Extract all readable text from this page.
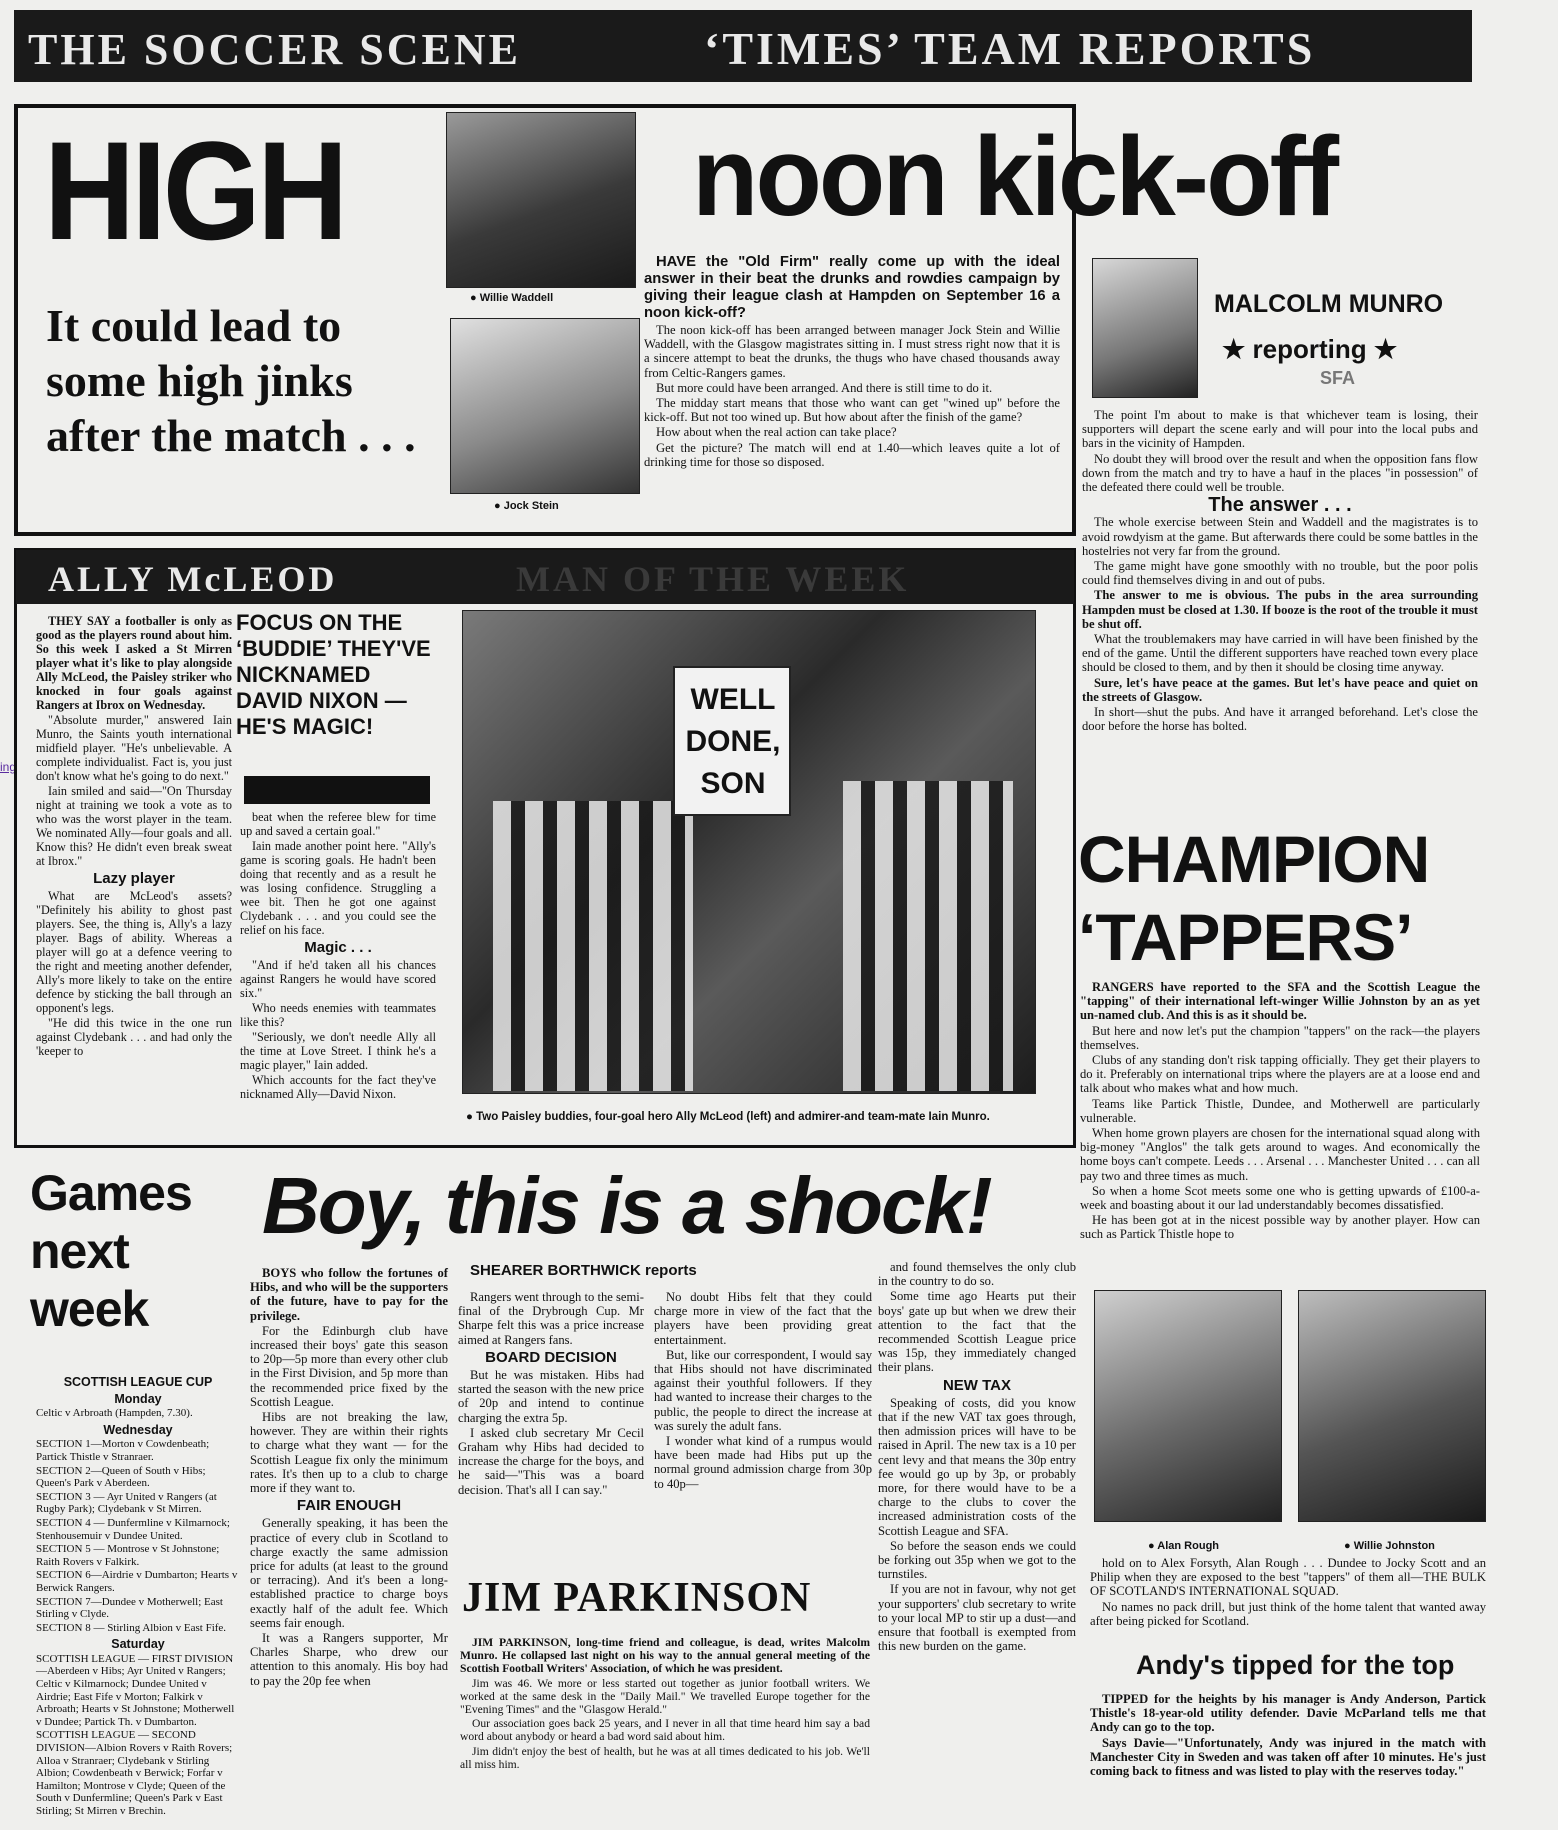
THE SOCCER SCENE	‘TIMES’ TEAM REPORTS
ing
HIGH
● Willie Waddell
● Jock Stein
It could lead to some high jinks after the match . . .
noon kick-off

HAVE the "Old Firm" really come up with the ideal answer in their beat the drunks and rowdies campaign by giving their league clash at Hampden on September 16 a noon kick-off?

The noon kick-off has been arranged between manager Jock Stein and Willie Waddell, with the Glasgow magistrates sitting in. I must stress right now that it is a sincere attempt to beat the drunks, the thugs who have chased thousands away from Celtic-Rangers games.

But more could have been arranged. And there is still time to do it.

The midday start means that those who want can get "wined up" before the kick-off. But not too wined up. But how about after the finish of the game?

How about when the real action can take place?

Get the picture? The match will end at 1.40—which leaves quite a lot of drinking time for those so disposed.

MALCOLM MUNRO
★ reporting ★
SFA

The point I'm about to make is that whichever team is losing, their supporters will depart the scene early and will pour into the local pubs and bars in the vicinity of Hampden.

No doubt they will brood over the result and when the opposition fans flow down from the match and try to have a hauf in the places "in possession" of the defeated there could well be trouble.

The answer . . .

The whole exercise between Stein and Waddell and the magistrates is to avoid rowdyism at the game. But afterwards there could be some battles in the hostelries not very far from the ground.

The game might have gone smoothly with no trouble, but the poor polis could find themselves diving in and out of pubs.

The answer to me is obvious. The pubs in the area surrounding Hampden must be closed at 1.30. If booze is the root of the trouble it must be shut off.

What the troublemakers may have carried in will have been finished by the end of the game. Until the different supporters have reached town every place should be closed to them, and by then it should be closing time anyway.

Sure, let's have peace at the games. But let's have peace and quiet on the streets of Glasgow.

In short—shut the pubs. And have it arranged beforehand. Let's close the door before the horse has bolted.

ALLY McLEOD	MAN OF THE WEEK

THEY SAY a footballer is only as good as the players round about him. So this week I asked a St Mirren player what it's like to play alongside Ally McLeod, the Paisley striker who knocked in four goals against Rangers at Ibrox on Wednesday.

"Absolute murder," answered Iain Munro, the Saints youth international midfield player. "He's unbelievable. A complete individualist. Fact is, you just don't know what he's going to do next."

Iain smiled and said—"On Thursday night at training we took a vote as to who was the worst player in the team. We nominated Ally—four goals and all. Know this? He didn't even break sweat at Ibrox."

Lazy player

What are McLeod's assets? "Definitely his ability to ghost past players. See, the thing is, Ally's a lazy player. Bags of ability. Whereas a player will go at a defence veering to the right and meeting another defender, Ally's more likely to take on the entire defence by sticking the ball through an opponent's legs.

"He did this twice in the one run against Clydebank . . . and had only the 'keeper to

FOCUS ON THE ‘BUDDIE’ THEY'VE NICKNAMED DAVID NIXON —HE'S MAGIC!

beat when the referee blew for time up and saved a certain goal."

Iain made another point here. "Ally's game is scoring goals. He hadn't been doing that recently and as a result he was losing confidence. Struggling a wee bit. Then he got one against Clydebank . . . and you could see the relief on his face.

Magic . . .

"And if he'd taken all his chances against Rangers he would have scored six."

Who needs enemies with teammates like this?

"Seriously, we don't needle Ally all the time at Love Street. I think he's a magic player," Iain added.

Which accounts for the fact they've nicknamed Ally—David Nixon.

WELL DONE, SON
● Two Paisley buddies, four-goal hero Ally McLeod (left) and admirer-and team-mate Iain Munro.
CHAMPION ‘TAPPERS’

RANGERS have reported to the SFA and the Scottish League the "tapping" of their international left-winger Willie Johnston by an as yet un-named club. And this is as it should be.

But here and now let's put the champion "tappers" on the rack—the players themselves.

Clubs of any standing don't risk tapping officially. They get their players to do it. Preferably on international trips where the players are at a loose end and talk about who makes what and how much.

Teams like Partick Thistle, Dundee, and Motherwell are particularly vulnerable.

When home grown players are chosen for the international squad along with big-money "Anglos" the talk gets around to wages. And economically the home boys can't compete. Leeds . . . Arsenal . . . Manchester United . . . can all pay two and three times as much.

So when a home Scot meets some one who is getting upwards of £100-a-week and boasting about it our lad understandably becomes dissatisfied.

He has been got at in the nicest possible way by another player. How can such as Partick Thistle hope to

● Alan Rough	● Willie Johnston

hold on to Alex Forsyth, Alan Rough . . . Dundee to Jocky Scott and an Philip when they are exposed to the best "tappers" of them all—THE BULK OF SCOTLAND'S INTERNATIONAL SQUAD.

No names no pack drill, but just think of the home talent that wanted away after being picked for Scotland.

Andy's tipped for the top

TIPPED for the heights by his manager is Andy Anderson, Partick Thistle's 18-year-old utility defender. Davie McParland tells me that Andy can go to the top.

Says Davie—"Unfortunately, Andy was injured in the match with Manchester City in Sweden and was taken off after 10 minutes. He's just coming back to fitness and was listed to play with the reserves today."

Games next week
SCOTTISH LEAGUE CUP
Monday

Celtic v Arbroath (Hampden, 7.30).

Wednesday

SECTION 1—Morton v Cowdenbeath; Partick Thistle v Stranraer.

SECTION 2—Queen of South v Hibs; Queen's Park v Aberdeen.

SECTION 3 — Ayr United v Rangers (at Rugby Park); Clydebank v St Mirren.

SECTION 4 — Dunfermline v Kilmarnock; Stenhousemuir v Dundee United.

SECTION 5 — Montrose v St Johnstone; Raith Rovers v Falkirk.

SECTION 6—Airdrie v Dumbarton; Hearts v Berwick Rangers.

SECTION 7—Dundee v Motherwell; East Stirling v Clyde.

SECTION 8 — Stirling Albion v East Fife.

Saturday

SCOTTISH LEAGUE — FIRST DIVISION—Aberdeen v Hibs; Ayr United v Rangers; Celtic v Kilmarnock; Dundee United v Airdrie; East Fife v Morton; Falkirk v Arbroath; Hearts v St Johnstone; Motherwell v Dundee; Partick Th. v Dumbarton.

SCOTTISH LEAGUE — SECOND DIVISION—Albion Rovers v Raith Rovers; Alloa v Stranraer; Clydebank v Stirling Albion; Cowdenbeath v Berwick; Forfar v Hamilton; Montrose v Clyde; Queen of the South v Dunfermline; Queen's Park v East Stirling; St Mirren v Brechin.

Boy, this is a shock!

BOYS who follow the fortunes of Hibs, and who will be the supporters of the future, have to pay for the privilege.

For the Edinburgh club have increased their boys' gate this season to 20p—5p more than every other club in the First Division, and 5p more than the recommended price fixed by the Scottish League.

Hibs are not breaking the law, however. They are within their rights to charge what they want — for the Scottish League fix only the minimum rates. It's then up to a club to charge more if they want to.

FAIR ENOUGH

Generally speaking, it has been the practice of every club in Scotland to charge exactly the same admission price for adults (at least to the ground or terracing). And it's been a long-established practice to charge boys exactly half of the adult fee. Which seems fair enough.

It was a Rangers supporter, Mr Charles Sharpe, who drew our attention to this anomaly. His boy had to pay the 20p fee when

SHEARER BORTHWICK reports

Rangers went through to the semi-final of the Drybrough Cup. Mr Sharpe felt this was a price increase aimed at Rangers fans.

BOARD DECISION

But he was mistaken. Hibs had started the season with the new price of 20p and intend to continue charging the extra 5p.

I asked club secretary Mr Cecil Graham why Hibs had decided to increase the charge for the boys, and he said—"This was a board decision. That's all I can say."

No doubt Hibs felt that they could charge more in view of the fact that the players have been providing great entertainment.

But, like our correspondent, I would say that Hibs should not have discriminated against their youthful followers. If they had wanted to increase their charges to the public, the people to direct the increase at was surely the adult fans.

I wonder what kind of a rumpus would have been made had Hibs put up the normal ground admission charge from 30p to 40p—

and found themselves the only club in the country to do so.

Some time ago Hearts put their boys' gate up but when we drew their attention to the fact that the recommended Scottish League price was 15p, they immediately changed their plans.

NEW TAX

Speaking of costs, did you know that if the new VAT tax goes through, then admission prices will have to be raised in April. The new tax is a 10 per cent levy and that means the 30p entry fee would go up by 3p, or probably more, for there would have to be a charge to the clubs to cover the increased administration costs of the Scottish League and SFA.

So before the season ends we could be forking out 35p when we got to the turnstiles.

If you are not in favour, why not get your supporters' club secretary to write to your local MP to stir up a dust—and ensure that football is exempted from this new burden on the game.

JIM PARKINSON

JIM PARKINSON, long-time friend and colleague, is dead, writes Malcolm Munro. He collapsed last night on his way to the annual general meeting of the Scottish Football Writers' Association, of which he was president.

Jim was 46. We more or less started out together as junior football writers. We worked at the same desk in the "Daily Mail." We travelled Europe together for the "Evening Times" and the "Glasgow Herald."

Our association goes back 25 years, and I never in all that time heard him say a bad word about anybody or heard a bad word said about him.

Jim didn't enjoy the best of health, but he was at all times dedicated to his job. We'll all miss him.
